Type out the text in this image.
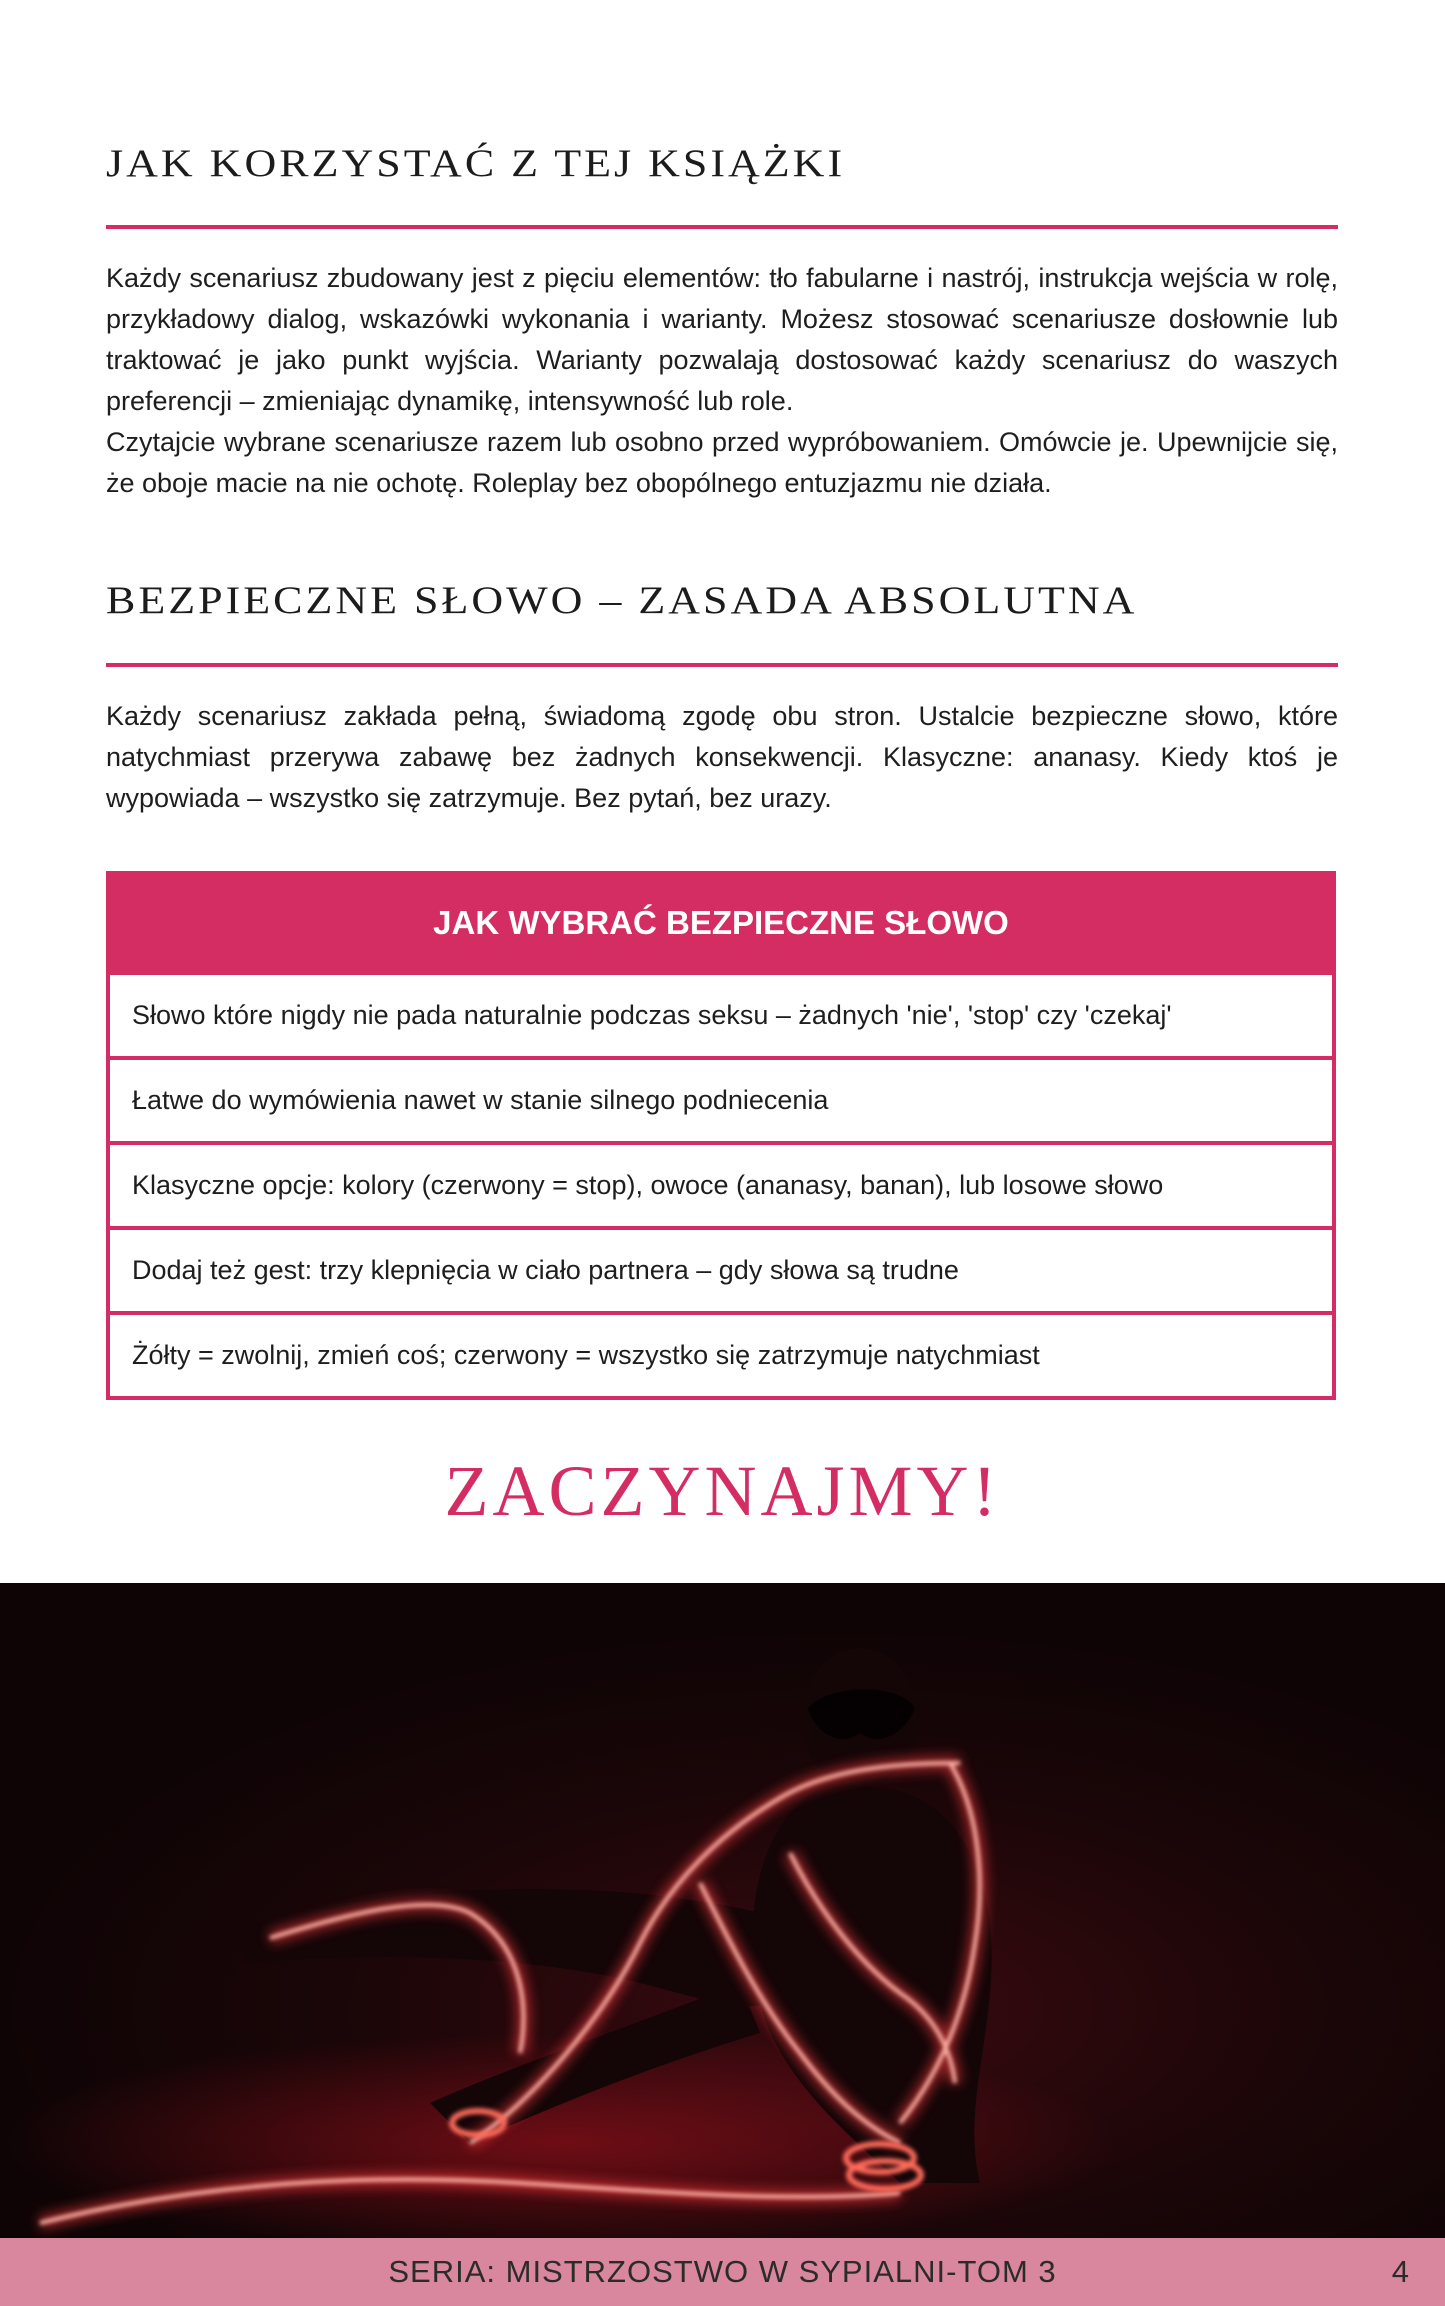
JAK KORZYSTAĆ Z TEJ KSIĄŻKI

Każdy scenariusz zbudowany jest z pięciu elementów: tło fabularne i nastrój, instrukcja wejścia w rolę, przykładowy dialog, wskazówki wykonania i warianty. Możesz stosować scenariusze dosłownie lub traktować je jako punkt wyjścia. Warianty pozwalają dostosować każdy scenariusz do waszych preferencji – zmieniając dynamikę, intensywność lub role.

Czytajcie wybrane scenariusze razem lub osobno przed wypróbowaniem. Omówcie je. Upewnijcie się, że oboje macie na nie ochotę. Roleplay bez obopólnego entuzjazmu nie działa.

BEZPIECZNE SŁOWO – ZASADA ABSOLUTNA

Każdy scenariusz zakłada pełną, świadomą zgodę obu stron. Ustalcie bezpieczne słowo, które natychmiast przerywa zabawę bez żadnych konsekwencji. Klasyczne: ananasy. Kiedy ktoś je wypowiada – wszystko się zatrzymuje. Bez pytań, bez urazy.

JAK WYBRAĆ BEZPIECZNE SŁOWO
Słowo które nigdy nie pada naturalnie podczas seksu – żadnych 'nie', 'stop' czy 'czekaj'
Łatwe do wymówienia nawet w stanie silnego podniecenia
Klasyczne opcje: kolory (czerwony = stop), owoce (ananasy, banan), lub losowe słowo
Dodaj też gest: trzy klepnięcia w ciało partnera – gdy słowa są trudne
Żółty = zwolnij, zmień coś; czerwony = wszystko się zatrzymuje natychmiast
ZACZYNAJMY!
SERIA: MISTRZOSTWO W SYPIALNI-TOM 3	4
